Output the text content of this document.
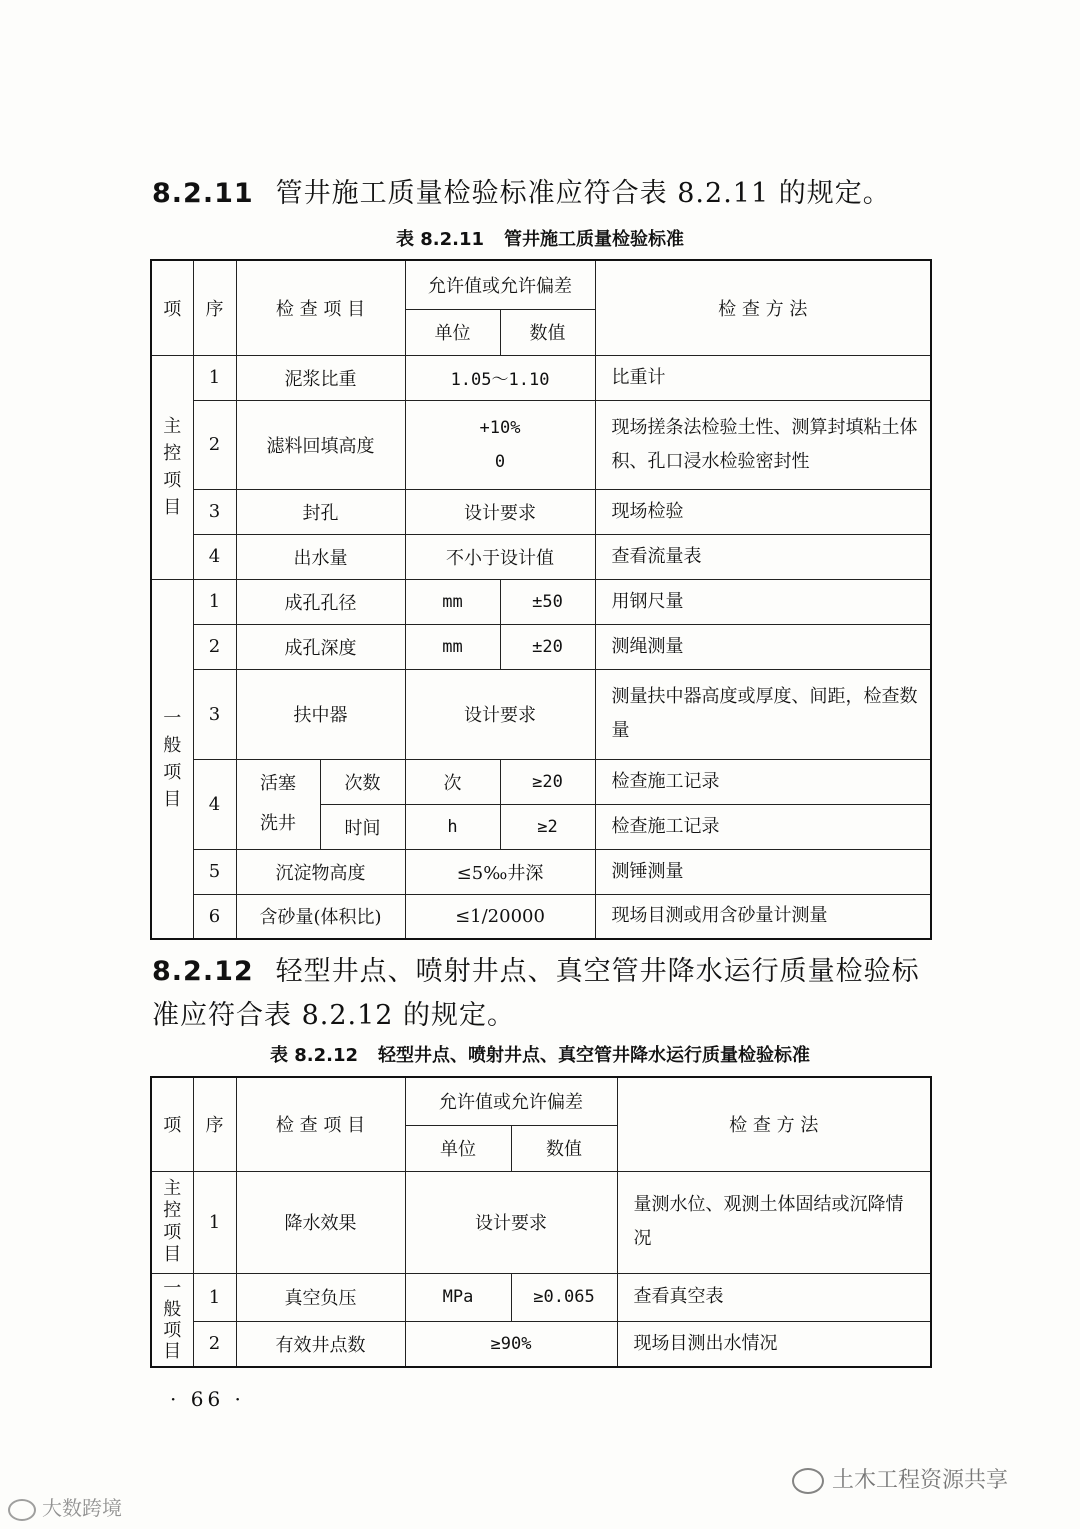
8.2.11 管井施工质量检验标准应符合表 8.2.11 的规定。
表 8.2.11 管井施工质量检验标准
项	序	检 查 项 目		允许值或允许偏差		检 查 方 法
				单位	数值	
主控项目	1	泥浆比重		1.05～1.10		比重计
	2	滤料回填高度		+10%
0		现场搓条法检验土性、测算封填粘土体积、孔口浸水检验密封性
	3	封孔		设计要求		现场检验
	4	出水量		不小于设计值		查看流量表
一般项目	1	成孔孔径		mm	±50	用钢尺量
	2	成孔深度		mm	±20	测绳测量
	3	扶中器		设计要求		测量扶中器高度或厚度、间距，检查数量
	4	活塞洗井	次数	次	≥20	检查施工记录
			时间	h	≥2	检查施工记录
	5	沉淀物高度		≤5‰井深		测锤测量
	6	含砂量(体积比)		≤1/20000		现场目测或用含砂量计测量
8.2.12 轻型井点、喷射井点、真空管井降水运行质量检验标准应符合表 8.2.12 的规定。
表 8.2.12 轻型井点、喷射井点、真空管井降水运行质量检验标准
项	序	检 查 项 目	允许值或允许偏差		检 查 方 法
			单位	数值	
主控项目	1	降水效果	设计要求		量测水位、观测土体固结或沉降情况
一般项目	1	真空负压	MPa	≥0.065	查看真空表
	2	有效井点数	≥90%		现场目测出水情况
· 66 ·
大数跨境
土木工程资源共享
